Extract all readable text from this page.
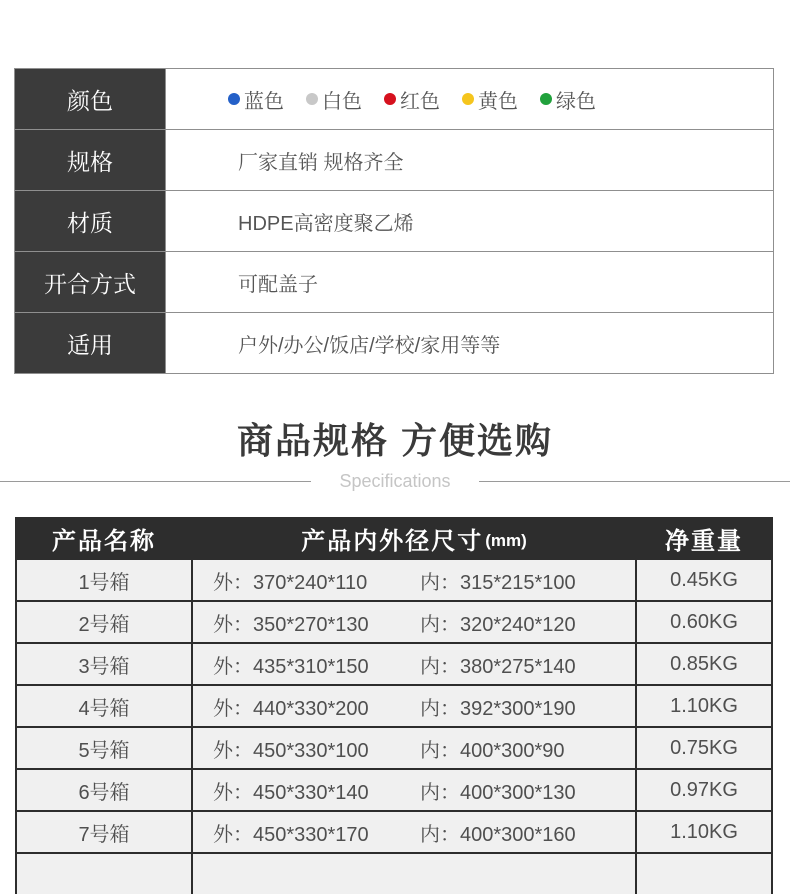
颜色	蓝色 白色 红色 黄色 绿色
规格	厂家直销 规格齐全
材质	HDPE高密度聚乙烯
开合方式	可配盖子
适用	户外/办公/饭店/学校/家用等等
商品规格 方便选购
Specifications
产品名称	产品内外径尺寸 (mm)	净重量
1号箱	外：370*240*110	内：315*215*100	0.45KG
2号箱	外：350*270*130	内：320*240*120	0.60KG
3号箱	外：435*310*150	内：380*275*140	0.85KG
4号箱	外：440*330*200	内：392*300*190	1.10KG
5号箱	外：450*330*100	内：400*300*90	0.75KG
6号箱	外：450*330*140	内：400*300*130	0.97KG
7号箱	外：450*330*170	内：400*300*160	1.10KG
